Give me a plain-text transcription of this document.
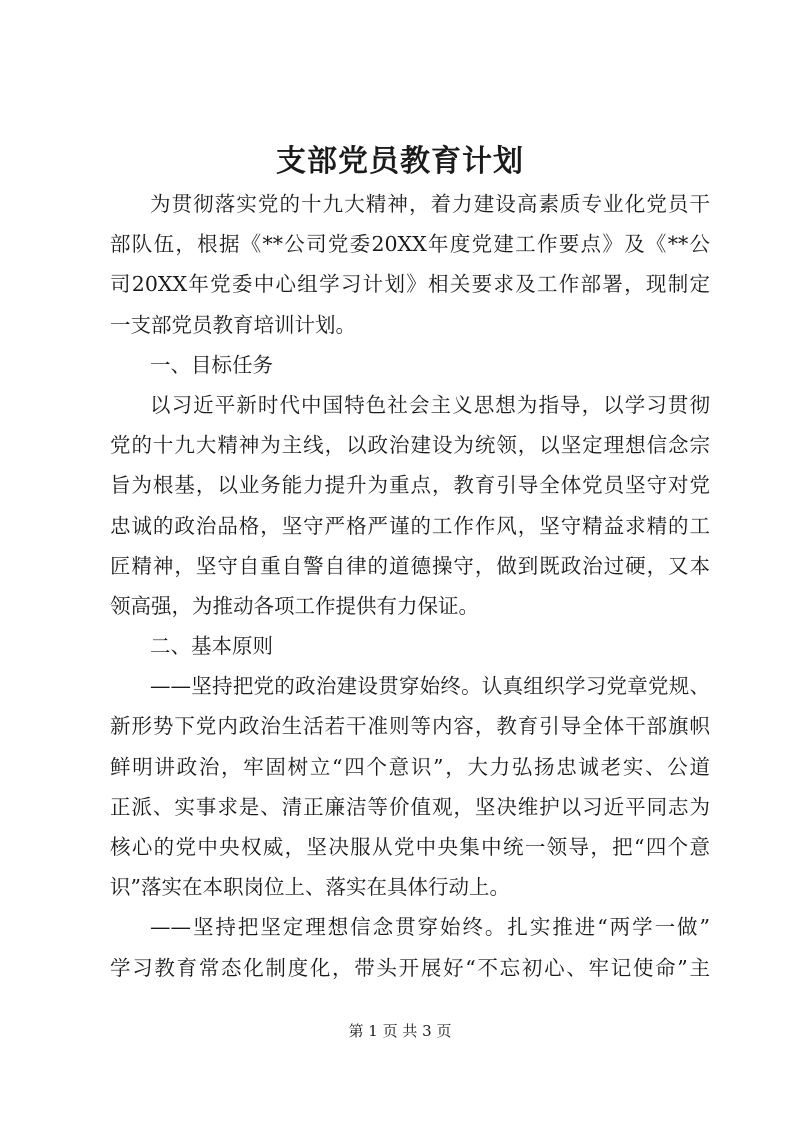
支部党员教育计划
为贯彻落实党的十九大精神，着力建设高素质专业化党员干
部队伍，根据《**公司党委20XX年度党建工作要点》及《**公
司20XX年党委中心组学习计划》相关要求及工作部署，现制定
一支部党员教育培训计划。
一、目标任务
以习近平新时代中国特色社会主义思想为指导，以学习贯彻
党的十九大精神为主线，以政治建设为统领，以坚定理想信念宗
旨为根基，以业务能力提升为重点，教育引导全体党员坚守对党
忠诚的政治品格，坚守严格严谨的工作作风，坚守精益求精的工
匠精神，坚守自重自警自律的道德操守，做到既政治过硬，又本
领高强，为推动各项工作提供有力保证。
二、基本原则
——坚持把党的政治建设贯穿始终。认真组织学习党章党规、
新形势下党内政治生活若干准则等内容，教育引导全体干部旗帜
鲜明讲政治，牢固树立“四个意识”，大力弘扬忠诚老实、公道
正派、实事求是、清正廉洁等价值观，坚决维护以习近平同志为
核心的党中央权威，坚决服从党中央集中统一领导，把“四个意
识”落实在本职岗位上、落实在具体行动上。
——坚持把坚定理想信念贯穿始终。扎实推进“两学一做”
学习教育常态化制度化，带头开展好“不忘初心、牢记使命”主
第 1 页 共 3 页
